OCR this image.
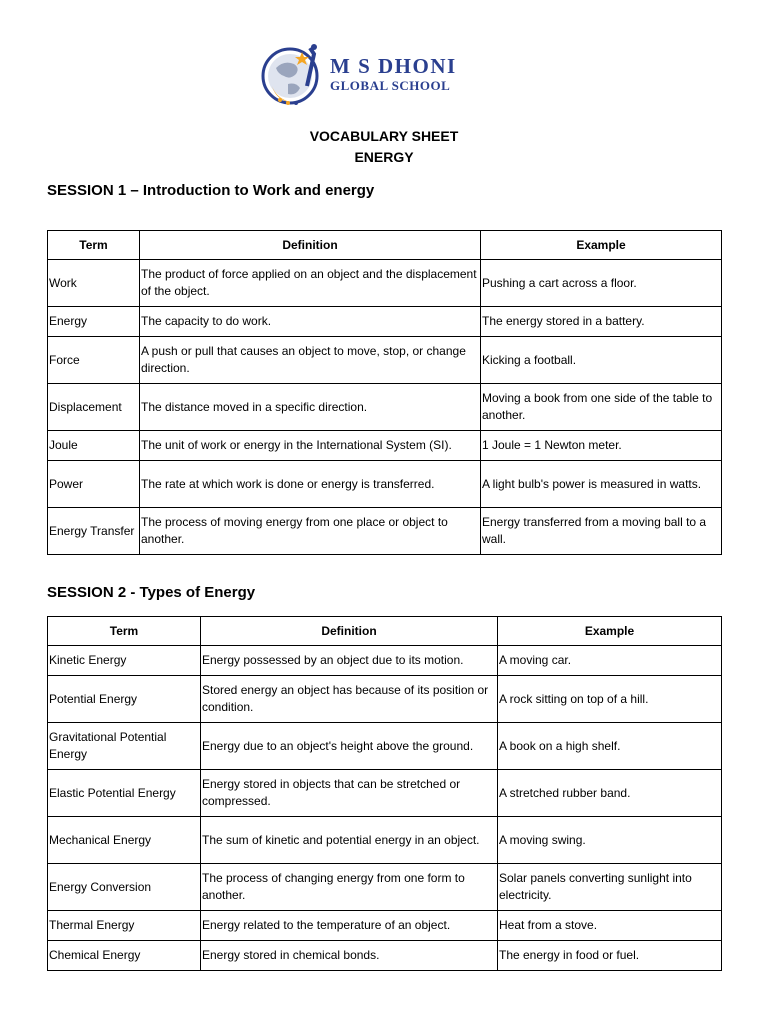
M S DHONI
GLOBAL SCHOOL
VOCABULARY SHEET
ENERGY
SESSION 1 – Introduction to Work and energy
Term	Definition	Example
Work	The product of force applied on an object and the displacement of the object.	Pushing a cart across a floor.
Energy	The capacity to do work.	The energy stored in a battery.
Force	A push or pull that causes an object to move, stop, or change direction.	Kicking a football.
Displacement	The distance moved in a specific direction.	Moving a book from one side of the table to another.
Joule	The unit of work or energy in the International System (SI).	1 Joule = 1 Newton meter.
Power	The rate at which work is done or energy is transferred.	A light bulb's power is measured in watts.
Energy Transfer	The process of moving energy from one place or object to another.	Energy transferred from a moving ball to a wall.
SESSION 2 - Types of Energy
Term	Definition	Example
Kinetic Energy	Energy possessed by an object due to its motion.	A moving car.
Potential Energy	Stored energy an object has because of its position or condition.	A rock sitting on top of a hill.
Gravitational Potential Energy	Energy due to an object's height above the ground.	A book on a high shelf.
Elastic Potential Energy	Energy stored in objects that can be stretched or compressed.	A stretched rubber band.
Mechanical Energy	The sum of kinetic and potential energy in an object.	A moving swing.
Energy Conversion	The process of changing energy from one form to another.	Solar panels converting sunlight into electricity.
Thermal Energy	Energy related to the temperature of an object.	Heat from a stove.
Chemical Energy	Energy stored in chemical bonds.	The energy in food or fuel.
